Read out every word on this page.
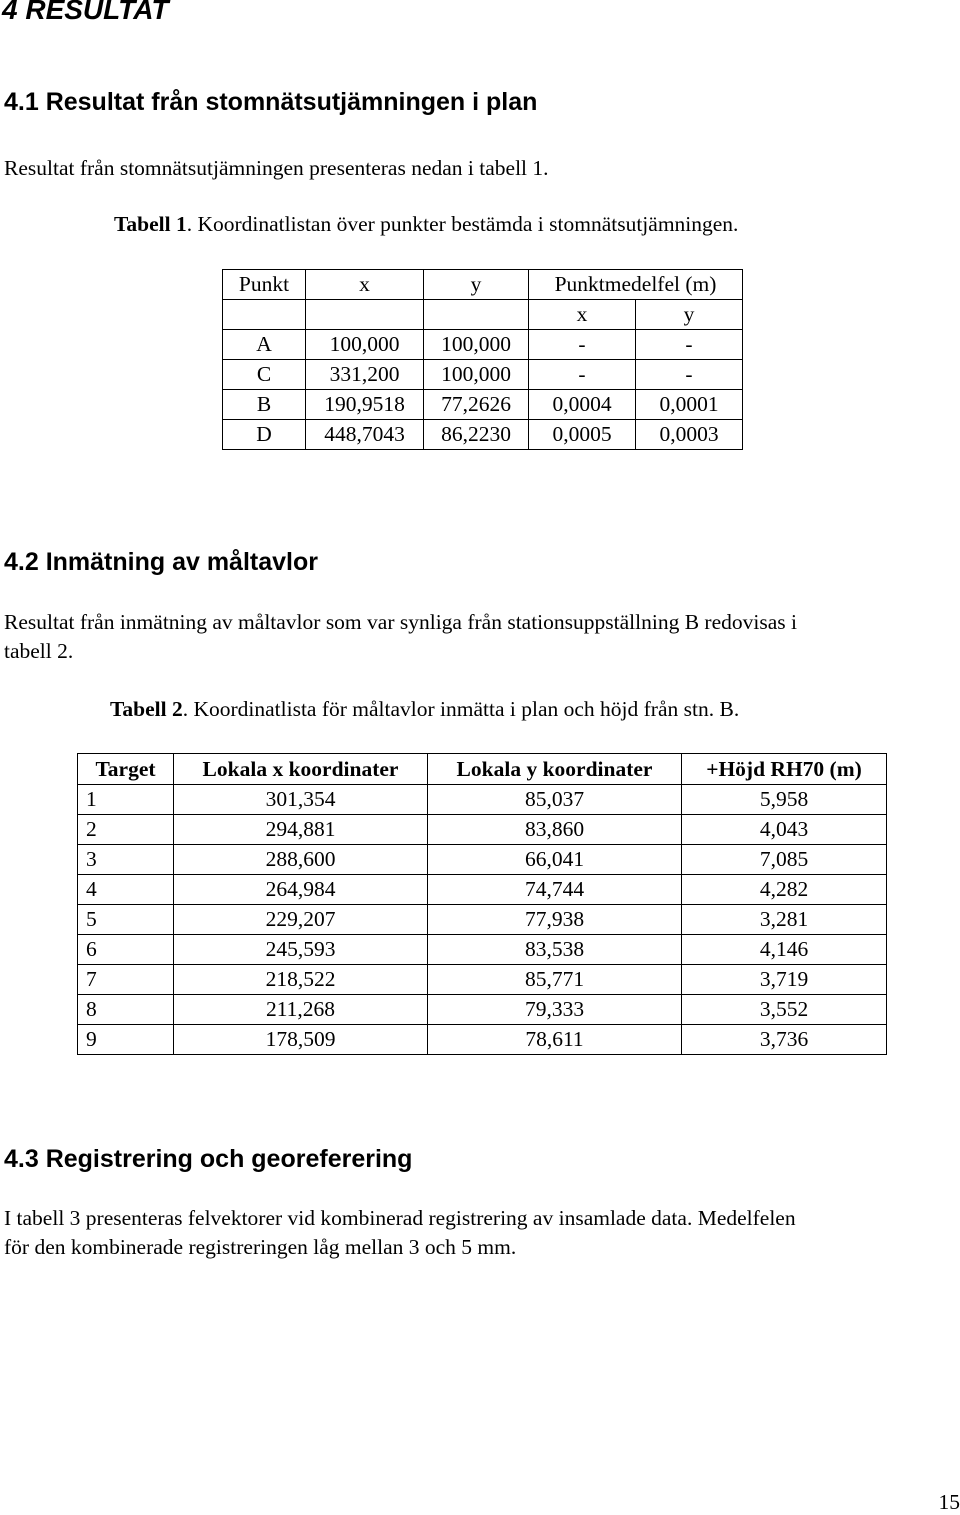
4 RESULTAT
4.1 Resultat från stomnätsutjämningen i plan
Resultat från stomnätsutjämningen presenteras nedan i tabell 1.
Tabell 1. Koordinatlistan över punkter bestämda i stomnätsutjämningen.
Punkt	x	y	Punktmedelfel (m)	
			x	y
A	100,000	100,000	-	-
C	331,200	100,000	-	-
B	190,9518	77,2626	0,0004	0,0001
D	448,7043	86,2230	0,0005	0,0003
4.2 Inmätning av måltavlor
Resultat från inmätning av måltavlor som var synliga från stationsuppställning B redovisas i
tabell 2.
Tabell 2. Koordinatlista för måltavlor inmätta i plan och höjd från stn. B.
Target	Lokala x koordinater	Lokala y koordinater	+Höjd RH70 (m)
1	301,354	85,037	5,958
2	294,881	83,860	4,043
3	288,600	66,041	7,085
4	264,984	74,744	4,282
5	229,207	77,938	3,281
6	245,593	83,538	4,146
7	218,522	85,771	3,719
8	211,268	79,333	3,552
9	178,509	78,611	3,736
4.3 Registrering och georeferering
I tabell 3 presenteras felvektorer vid kombinerad registrering av insamlade data. Medelfelen
för den kombinerade registreringen låg mellan 3 och 5 mm.
15
